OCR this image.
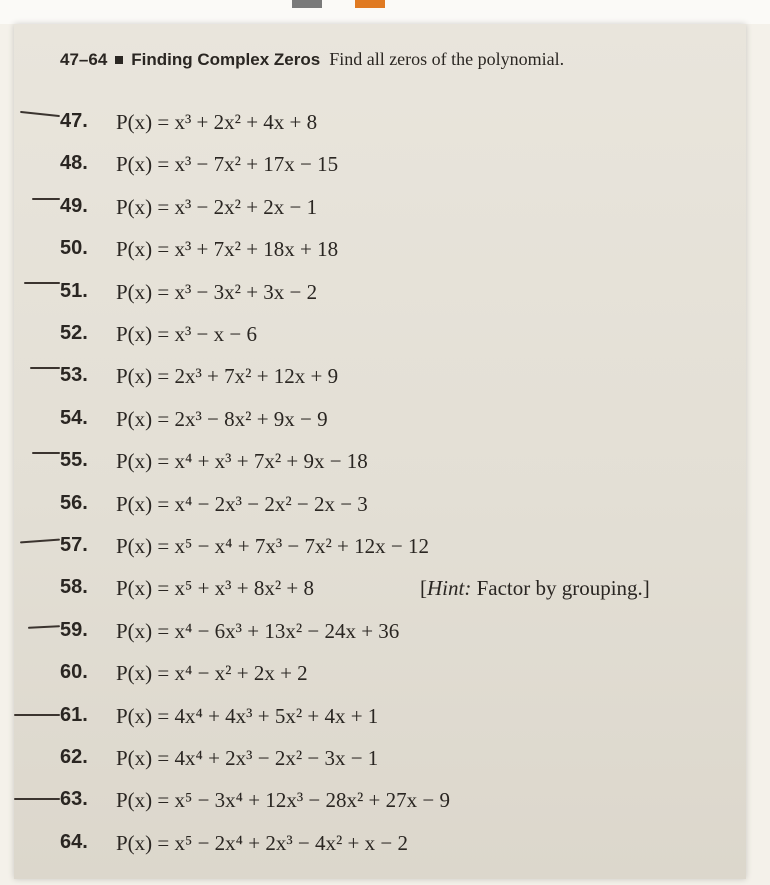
47–64 Finding Complex Zeros Find all zeros of the polynomial.
47. P(x) = x³ + 2x² + 4x + 8
48. P(x) = x³ − 7x² + 17x − 15
49. P(x) = x³ − 2x² + 2x − 1
50. P(x) = x³ + 7x² + 18x + 18
51. P(x) = x³ − 3x² + 3x − 2
52. P(x) = x³ − x − 6
53. P(x) = 2x³ + 7x² + 12x + 9
54. P(x) = 2x³ − 8x² + 9x − 9
55. P(x) = x⁴ + x³ + 7x² + 9x − 18
56. P(x) = x⁴ − 2x³ − 2x² − 2x − 3
57. P(x) = x⁵ − x⁴ + 7x³ − 7x² + 12x − 12
58. P(x) = x⁵ + x³ + 8x² + 8	[Hint: Factor by grouping.]
59. P(x) = x⁴ − 6x³ + 13x² − 24x + 36
60. P(x) = x⁴ − x² + 2x + 2
61. P(x) = 4x⁴ + 4x³ + 5x² + 4x + 1
62. P(x) = 4x⁴ + 2x³ − 2x² − 3x − 1
63. P(x) = x⁵ − 3x⁴ + 12x³ − 28x² + 27x − 9
64. P(x) = x⁵ − 2x⁴ + 2x³ − 4x² + x − 2
